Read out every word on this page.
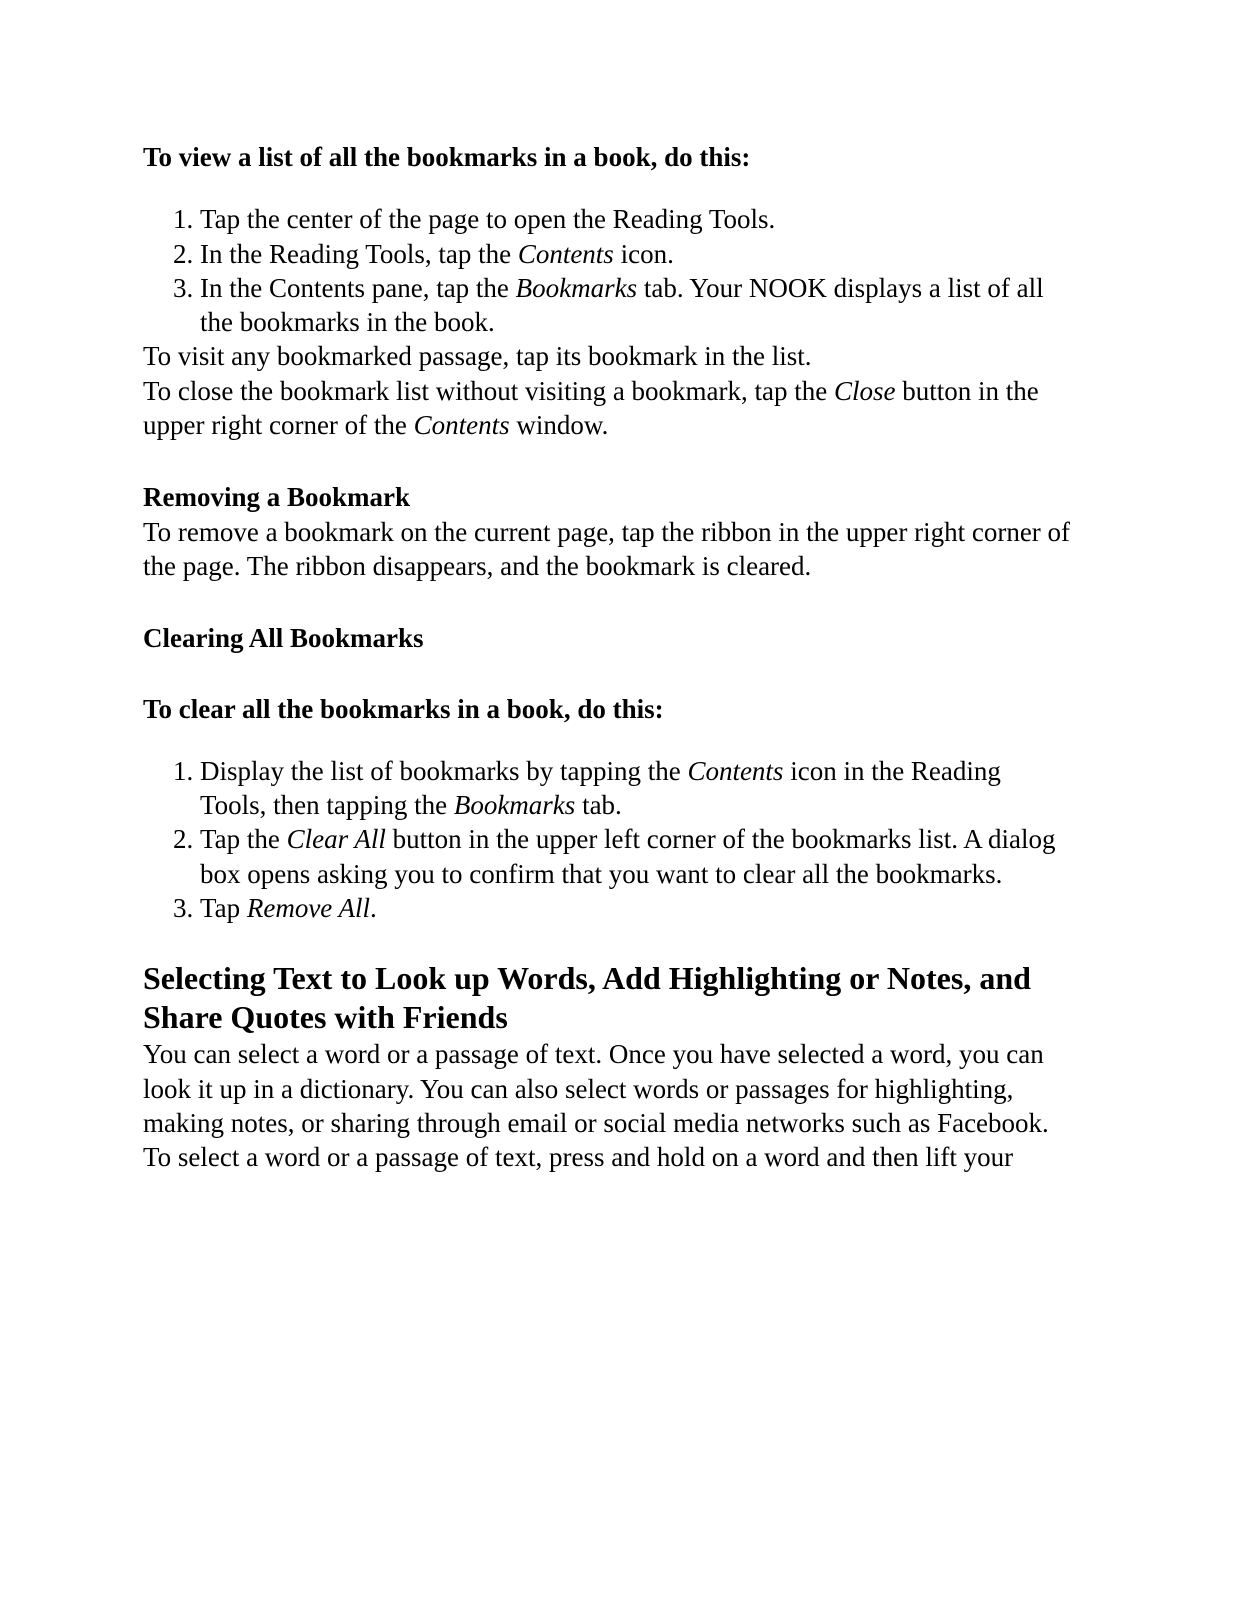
To view a list of all the bookmarks in a book, do this:

1. Tap the center of the page to open the Reading Tools.
2. In the Reading Tools, tap the Contents icon.
3. In the Contents pane, tap the Bookmarks tab. Your NOOK displays a list of all the bookmarks in the book.

To visit any bookmarked passage, tap its bookmark in the list.

To close the bookmark list without visiting a bookmark, tap the Close button in the upper right corner of the Contents window.

Removing a Bookmark

To remove a bookmark on the current page, tap the ribbon in the upper right corner of the page. The ribbon disappears, and the bookmark is cleared.

Clearing All Bookmarks

To clear all the bookmarks in a book, do this:

1. Display the list of bookmarks by tapping the Contents icon in the Reading Tools, then tapping the Bookmarks tab.
2. Tap the Clear All button in the upper left corner of the bookmarks list. A dialog box opens asking you to confirm that you want to clear all the bookmarks.
3. Tap Remove All.

Selecting Text to Look up Words, Add Highlighting or Notes, and Share Quotes with Friends

You can select a word or a passage of text. Once you have selected a word, you can look it up in a dictionary. You can also select words or passages for highlighting, making notes, or sharing through email or social media networks such as Facebook.

To select a word or a passage of text, press and hold on a word and then lift your
